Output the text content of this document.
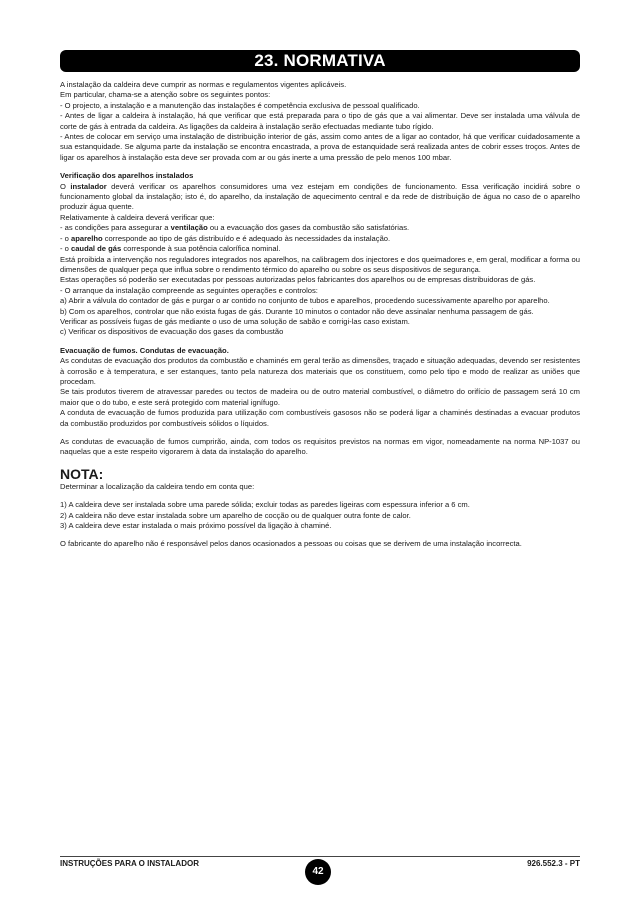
23. NORMATIVA

A instalação da caldeira deve cumprir as normas e regulamentos vigentes aplicáveis.

Em particular, chama-se a atenção sobre os seguintes pontos:

- O projecto, a instalação e a manutenção das instalações é competência exclusiva de pessoal qualificado.

- Antes de ligar a caldeira à instalação, há que verificar que está preparada para o tipo de gás que a vai alimentar. Deve ser instalada uma válvula de corte de gás à entrada da caldeira. As ligações da caldeira à instalação serão efectuadas mediante tubo rígido.

- Antes de colocar em serviço uma instalação de distribuição interior de gás, assim como antes de a ligar ao contador, há que verificar cuidadosamente a sua estanquidade. Se alguma parte da instalação se encontra encastrada, a prova de estanquidade será realizada antes de cobrir esses troços. Antes de ligar os aparelhos à instalação esta deve ser provada com ar ou gás inerte a uma pressão de pelo menos 100 mbar.

Verificação dos aparelhos instalados

O instalador deverá verificar os aparelhos consumidores uma vez estejam em condições de funcionamento. Essa verificação incidirá sobre o funcionamento global da instalação; isto é, do aparelho, da instalação de aquecimento central e da rede de distribuição de água no caso de o aparelho produzir água quente.

Relativamente à caldeira deverá verificar que:

- as condições para assegurar a ventilação ou a evacuação dos gases da combustão são satisfatórias.

- o aparelho corresponde ao tipo de gás distribuído e é adequado às necessidades da instalação.

- o caudal de gás corresponde à sua potência calorífica nominal.

Está proibida a intervenção nos reguladores integrados nos aparelhos, na calibragem dos injectores e dos queimadores e, em geral, modificar a forma ou dimensões de qualquer peça que influa sobre o rendimento térmico do aparelho ou sobre os seus dispositivos de segurança.

Estas operações só poderão ser executadas por pessoas autorizadas pelos fabricantes dos aparelhos ou de empresas distribuidoras de gás.

- O arranque da instalação compreende as seguintes operações e controlos:

a) Abrir a válvula do contador de gás e purgar o ar contido no conjunto de tubos e aparelhos, procedendo sucessivamente aparelho por aparelho.

b) Com os aparelhos, controlar que não exista fugas de gás. Durante 10 minutos o contador não deve assinalar nenhuma passagem de gás.

Verificar as possíveis fugas de gás mediante o uso de uma solução de sabão e corrigi-las caso existam.

c) Verificar os dispositivos de evacuação dos gases da combustão

Evacuação de fumos. Condutas de evacuação.

As condutas de evacuação dos produtos da combustão e chaminés em geral terão as dimensões, traçado e situação adequadas, devendo ser resistentes à corrosão e à temperatura, e ser estanques, tanto pela natureza dos materiais que os constituem, como pelo tipo e modo de realizar as uniões que procedam.

Se tais produtos tiverem de atravessar paredes ou tectos de madeira ou de outro material combustível, o diâmetro do orifício de passagem será 10 cm maior que o do tubo, e este será protegido com material ignífugo.

A conduta de evacuação de fumos produzida para utilização com combustíveis gasosos não se poderá ligar a chaminés destinadas a evacuar produtos da combustão produzidos por combustíveis sólidos o líquidos.

As condutas de evacuação de fumos cumprirão, ainda, com todos os requisitos previstos na normas em vigor, nomeadamente na norma NP-1037 ou naquelas que a este respeito vigorarem à data da instalação do aparelho.

NOTA:

Determinar a localização da caldeira tendo em conta que:

1) A caldeira deve ser instalada sobre uma parede sólida; excluir todas as paredes ligeiras com espessura inferior a 6 cm.

2) A caldeira não deve estar instalada sobre um aparelho de cocção ou de qualquer outra fonte de calor.

3) A caldeira deve estar instalada o mais próximo possível da ligação à chaminé.

O fabricante do aparelho não é responsável pelos danos ocasionados a pessoas ou coisas que se derivem de uma instalação incorrecta.

INSTRUÇÕES PARA O INSTALADOR
42
926.552.3 - PT
